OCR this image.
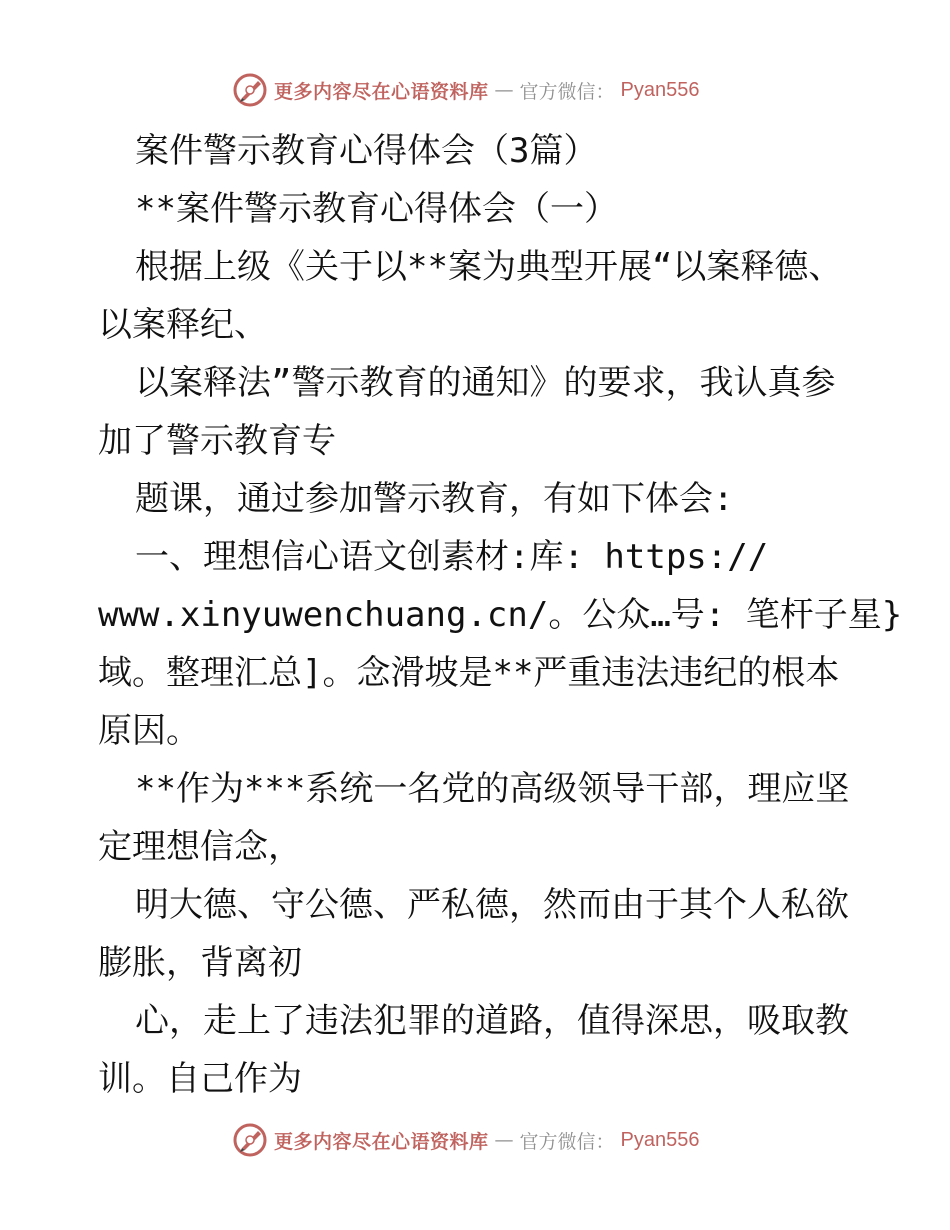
更多内容尽在心语资料库 — 官方微信： Pyan556

案件警示教育心得体会（3篇）

**案件警示教育心得体会（一）

根据上级《关于以**案为典型开展“以案释德、

以案释纪、

以案释法”警示教育的通知》的要求，我认真参

加了警示教育专

题课，通过参加警示教育，有如下体会:

一、理想信心语文创素材:库: https://

www.xinyuwenchuang.cn/。公众…号: 笔杆子星}

域。整理汇总]。念滑坡是**严重违法违纪的根本

原因。

**作为***系统一名党的高级领导干部，理应坚

定理想信念，

明大德、守公德、严私德，然而由于其个人私欲

膨胀，背离初

心，走上了违法犯罪的道路，值得深思，吸取教

训。自己作为

更多内容尽在心语资料库 — 官方微信： Pyan556
